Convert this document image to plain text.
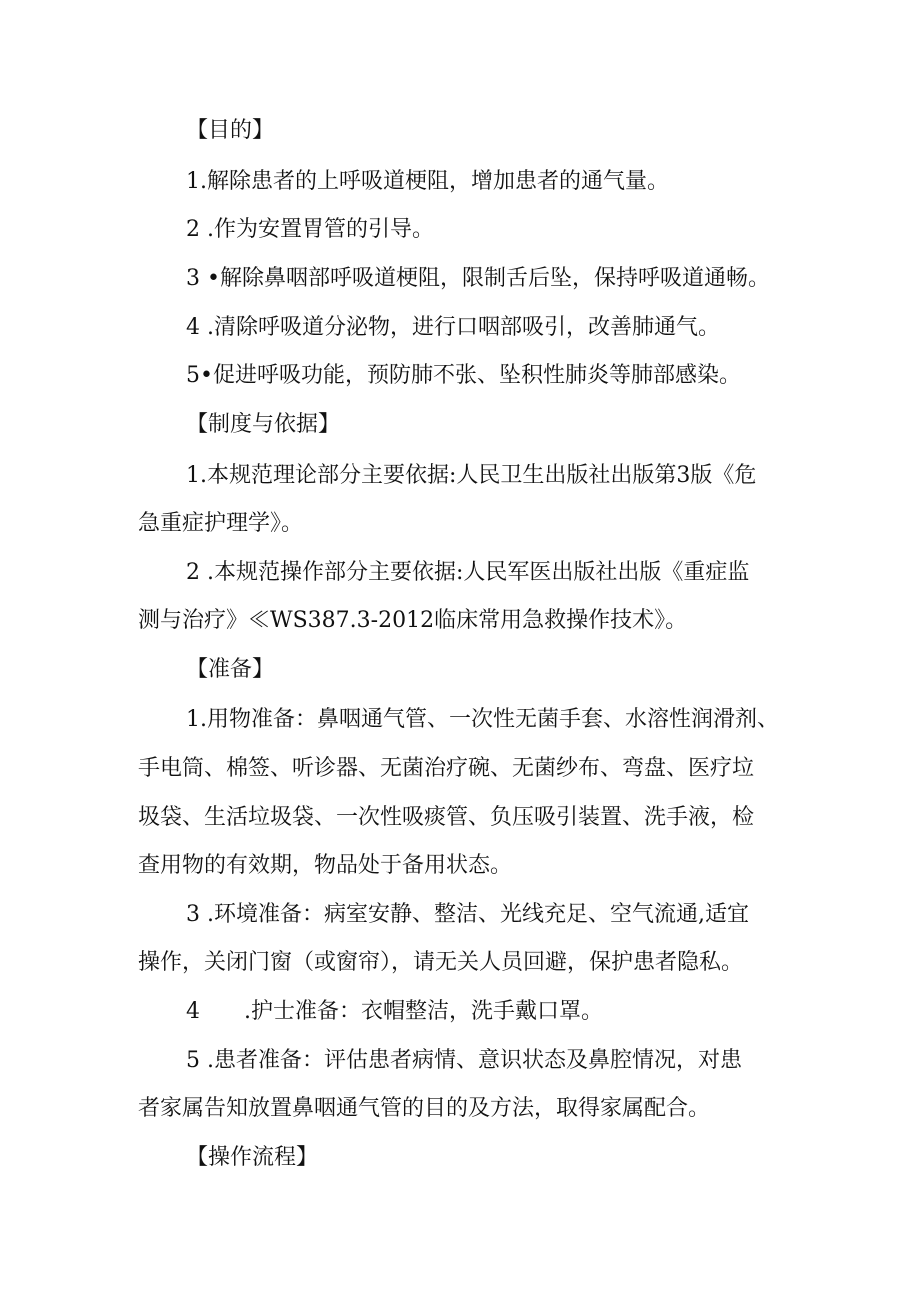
【目的】
1.解除患者的上呼吸道梗阻，增加患者的通气量。
2 .作为安置胃管的引导。
3 •解除鼻咽部呼吸道梗阻，限制舌后坠，保持呼吸道通畅。
4 .清除呼吸道分泌物，进行口咽部吸引，改善肺通气。
5•促进呼吸功能，预防肺不张、坠积性肺炎等肺部感染。
【制度与依据】
1.本规范理论部分主要依据:人民卫生出版社出版第3版《危
急重症护理学》。
2 .本规范操作部分主要依据:人民军医出版社出版《重症监
测与治疗》≪WS387.3-2012临床常用急救操作技术》。
【准备】
1.用物准备：鼻咽通气管、一次性无菌手套、水溶性润滑剂、
手电筒、棉签、听诊器、无菌治疗碗、无菌纱布、弯盘、医疗垃
圾袋、生活垃圾袋、一次性吸痰管、负压吸引装置、洗手液，检
查用物的有效期，物品处于备用状态。
3 .环境准备：病室安静、整洁、光线充足、空气流通,适宜
操作，关闭门窗（或窗帘），请无关人员回避，保护患者隐私。
4  .护士准备：衣帽整洁，洗手戴口罩。
5 .患者准备：评估患者病情、意识状态及鼻腔情况，对患
者家属告知放置鼻咽通气管的目的及方法，取得家属配合。
【操作流程】
